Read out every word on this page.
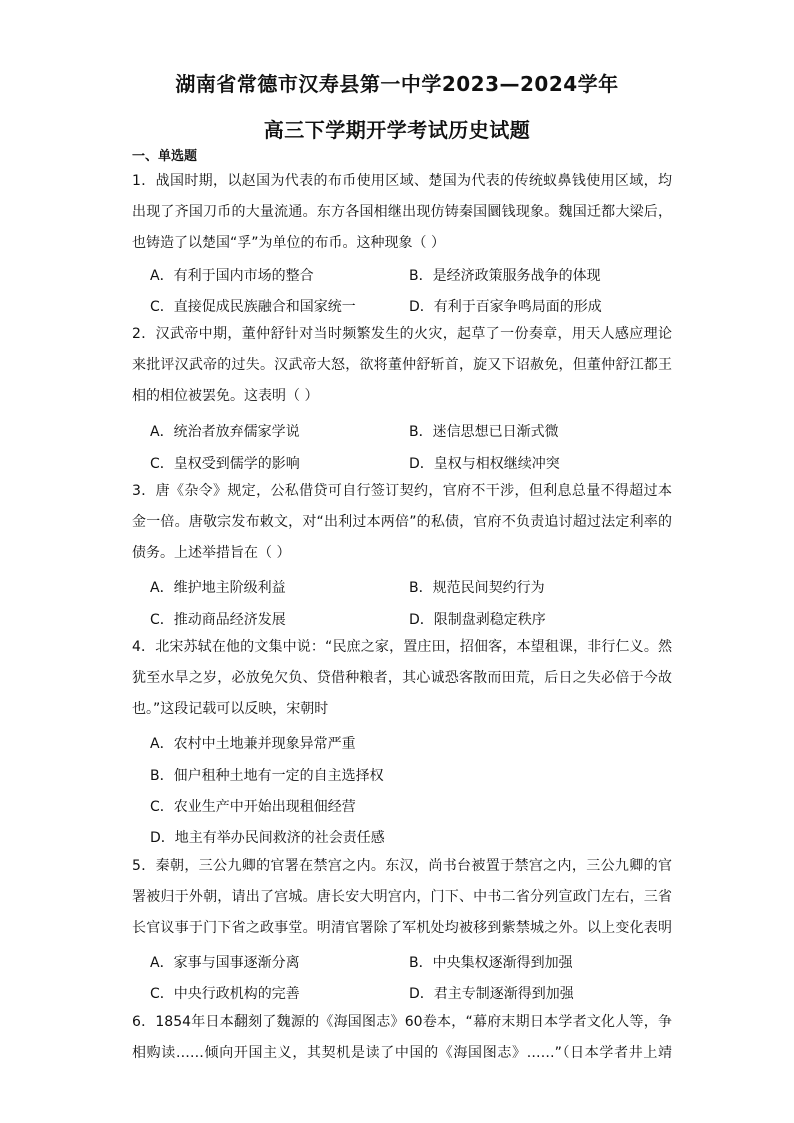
湖南省常德市汉寿县第一中学2023—2024学年
高三下学期开学考试历史试题
一、单选题
1．战国时期，以赵国为代表的布币使用区域、楚国为代表的传统蚁鼻钱使用区域，均
出现了齐国刀币的大量流通。东方各国相继出现仿铸秦国圜钱现象。魏国迁都大梁后，
也铸造了以楚国“孚”为单位的布币。这种现象（ ）
A．有利于国内市场的整合	B．是经济政策服务战争的体现
C．直接促成民族融合和国家统一	D．有利于百家争鸣局面的形成
2．汉武帝中期，董仲舒针对当时频繁发生的火灾，起草了一份奏章，用天人感应理论
来批评汉武帝的过失。汉武帝大怒，欲将董仲舒斩首，旋又下诏赦免，但董仲舒江都王
相的相位被罢免。这表明（ ）
A．统治者放弃儒家学说	B．迷信思想已日渐式微
C．皇权受到儒学的影响	D．皇权与相权继续冲突
3．唐《杂令》规定，公私借贷可自行签订契约，官府不干涉，但利息总量不得超过本
金一倍。唐敬宗发布敕文，对“出利过本两倍”的私债，官府不负责追讨超过法定利率的
债务。上述举措旨在（ ）
A．维护地主阶级利益	B．规范民间契约行为
C．推动商品经济发展	D．限制盘剥稳定秩序
4．北宋苏轼在他的文集中说：“民庶之家，置庄田，招佃客，本望租课，非行仁义。然
犹至水旱之岁，必放免欠负、贷借种粮者，其心诚恐客散而田荒，后日之失必倍于今故
也。”这段记载可以反映，宋朝时
A．农村中土地兼并现象异常严重
B．佃户租种土地有一定的自主选择权
C．农业生产中开始出现租佃经营
D．地主有举办民间救济的社会责任感
5．秦朝，三公九卿的官署在禁宫之内。东汉，尚书台被置于禁宫之内，三公九卿的官
署被归于外朝，请出了宫城。唐长安大明宫内，门下、中书二省分列宣政门左右，三省
长官议事于门下省之政事堂。明清官署除了军机处均被移到紫禁城之外。以上变化表明
A．家事与国事逐渐分离	B．中央集权逐渐得到加强
C．中央行政机构的完善	D．君主专制逐渐得到加强
6．1854年日本翻刻了魏源的《海国图志》60卷本，“幕府末期日本学者文化人等，争
相购读……倾向开国主义，其契机是读了中国的《海国图志》……”（日本学者井上靖
